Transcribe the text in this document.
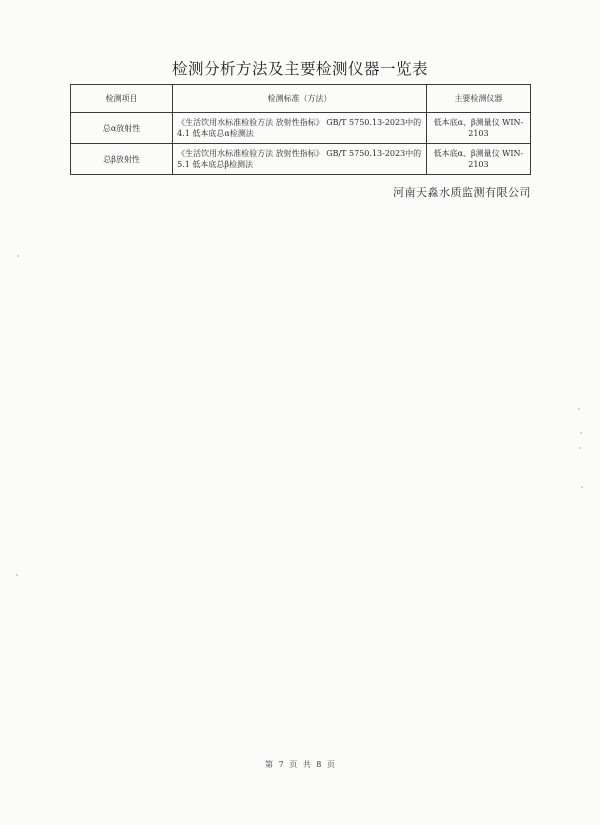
检测分析方法及主要检测仪器一览表
检测项目	检测标准（方法）	主要检测仪器
总α放射性	《生活饮用水标准检验方法 放射性指标》 GB/T 5750.13-2023中的4.1 低本底总α检测法	低本底α、β测量仪 WIN-2103
总β放射性	《生活饮用水标准检验方法 放射性指标》 GB/T 5750.13-2023中的5.1 低本底总β检测法	低本底α、β测量仪 WIN-2103
河南天淼水质监测有限公司
第 7 页 共 8 页
